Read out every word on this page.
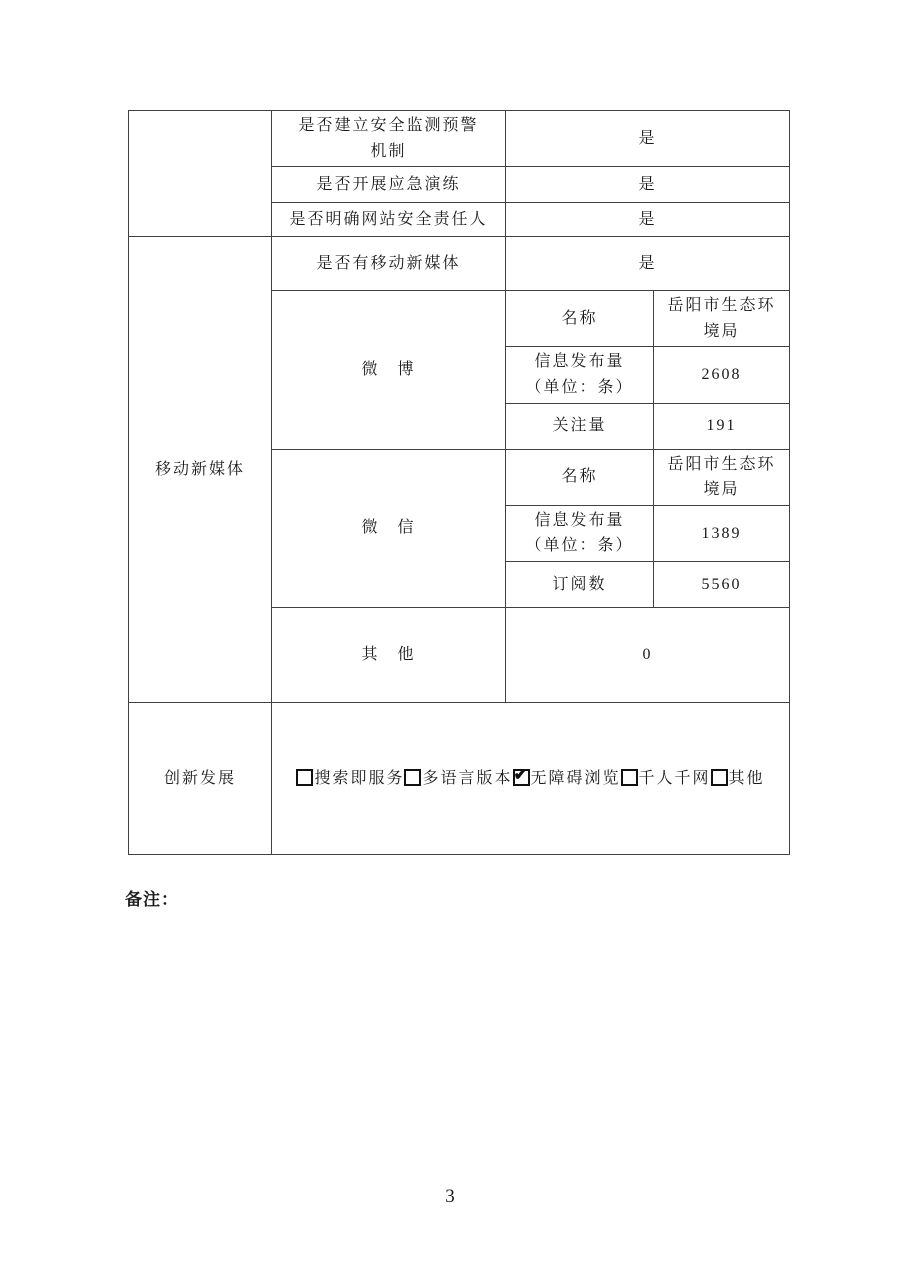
	是否建立安全监测预警机制	是	
	是否开展应急演练	是	
	是否明确网站安全责任人	是	
移动新媒体	是否有移动新媒体	是	
	微　博	名称	岳阳市生态环境局
		信息发布量（单位：条）	2608
		关注量	191
	微　信	名称	岳阳市生态环境局
		信息发布量（单位：条）	1389
		订阅数	5560
	其　他	0	
创新发展	搜索即服务 多语言版本 ✔ 无障碍浏览 千人千网 其他
备注：
3
